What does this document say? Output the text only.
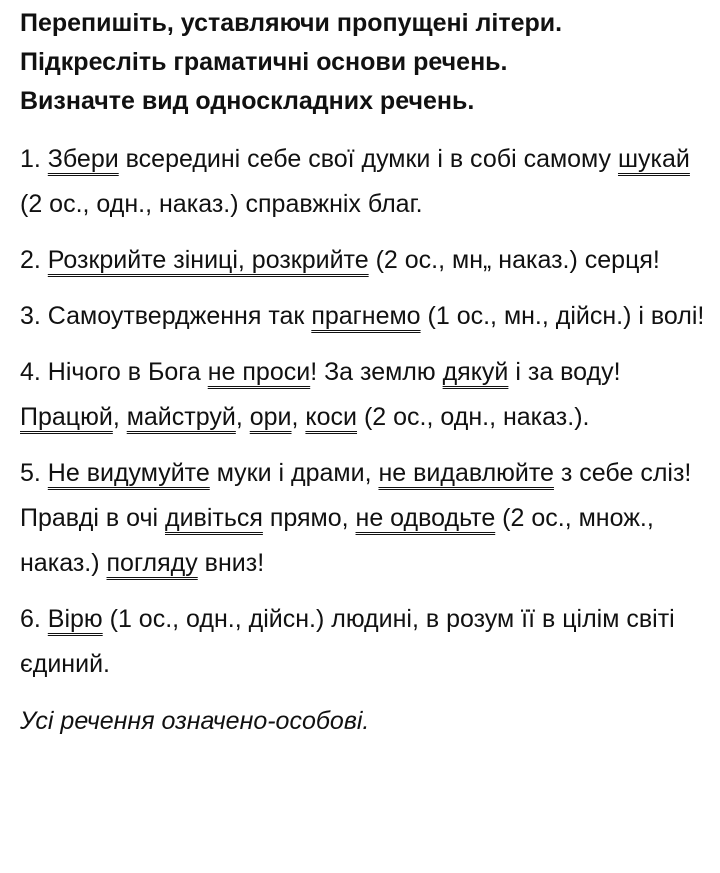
Перепишіть, уставляючи пропущені літери.

Підкресліть граматичні основи речень.

Визначте вид односкладних речень.

1. Збери всередині себе свої думки і в собі самому шукай (2 ос., одн., наказ.) справжніх благ.

2. Розкрийте зіниці, розкрийте (2 ос., мн„ наказ.) серця!

3. Самоутвердження так прагнемо (1 ос., мн., дійсн.) і волі!

4. Нічого в Бога не проси! За землю дякуй і за воду! Працюй, майструй, ори, коси (2 ос., одн., наказ.).

5. Не видумуйте муки і драми, не видавлюйте з себе сліз! Правді в очі дивіться прямо, не одводьте (2 ос., множ., наказ.) погляду вниз!

6. Вірю (1 ос., одн., дійсн.) людині, в розум її в цілім світі єдиний.

Усі речення означено-особові.
